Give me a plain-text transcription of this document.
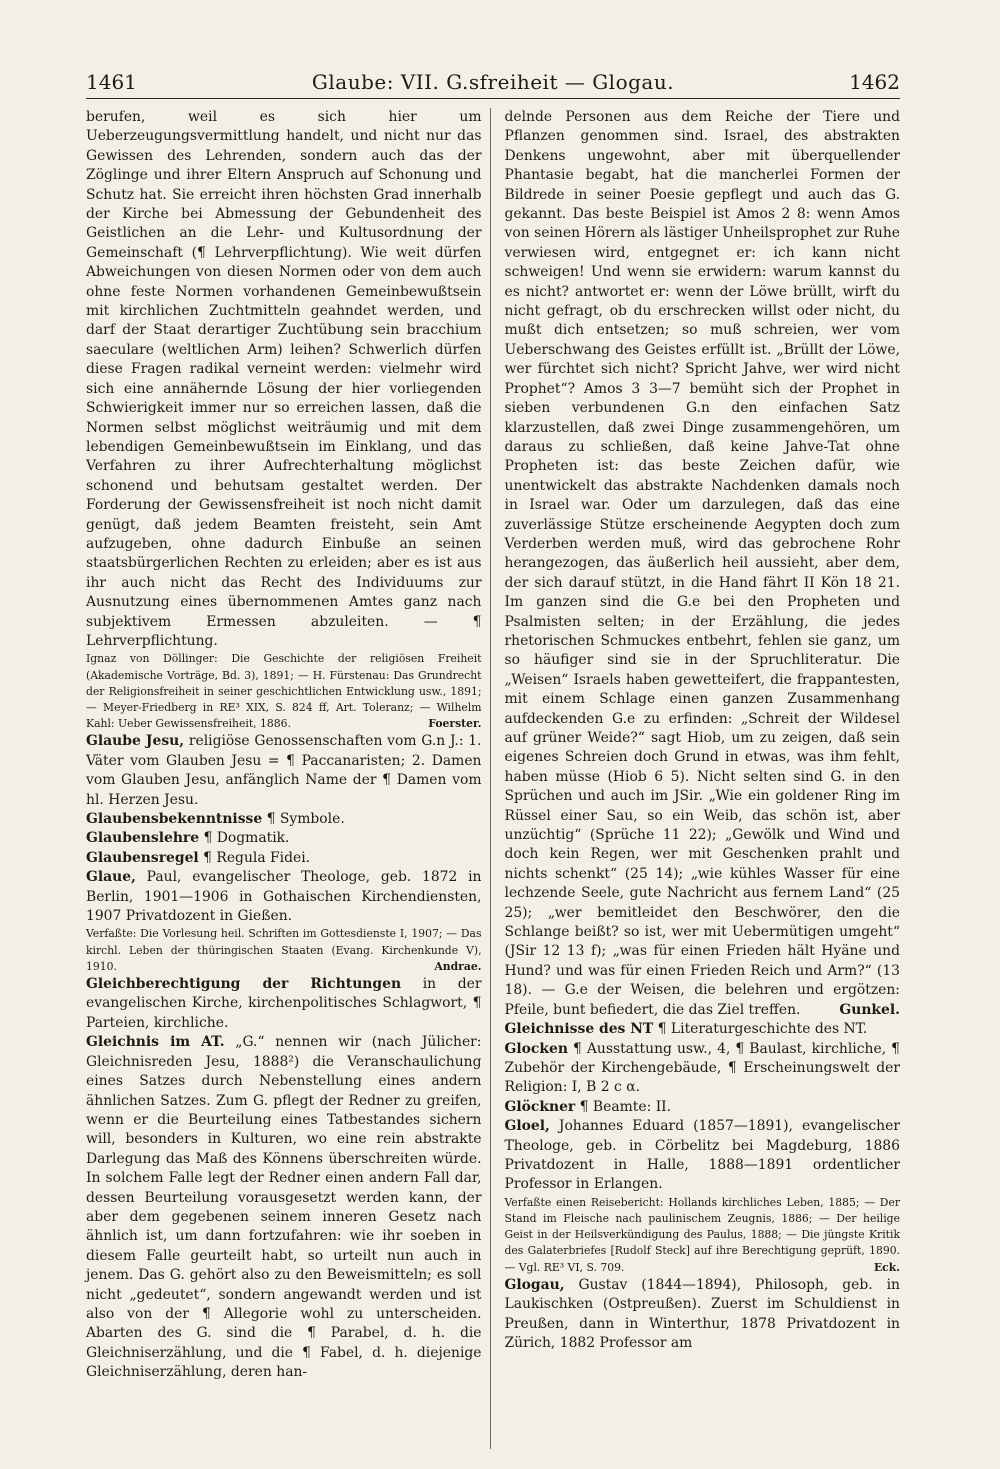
1461	Glaube: VII. G.sfreiheit — Glogau.	1462

berufen, weil es sich hier um Ueberzeugungsvermittlung handelt, und nicht nur das Gewissen des Lehrenden, sondern auch das der Zöglinge und ihrer Eltern Anspruch auf Schonung und Schutz hat. Sie erreicht ihren höchsten Grad innerhalb der Kirche bei Abmessung der Gebundenheit des Geistlichen an die Lehr- und Kultusordnung der Gemeinschaft (¶ Lehrverpflichtung). Wie weit dürfen Abweichungen von diesen Normen oder von dem auch ohne feste Normen vorhandenen Gemeinbewußtsein mit kirchlichen Zuchtmitteln geahndet werden, und darf der Staat derartiger Zuchtübung sein bracchium saeculare (weltlichen Arm) leihen? Schwerlich dürfen diese Fragen radikal verneint werden: vielmehr wird sich eine annähernde Lösung der hier vorliegenden Schwierigkeit immer nur so erreichen lassen, daß die Normen selbst möglichst weiträumig und mit dem lebendigen Gemeinbewußtsein im Einklang, und das Verfahren zu ihrer Aufrechterhaltung möglichst schonend und behutsam gestaltet werden. Der Forderung der Gewissensfreiheit ist noch nicht damit genügt, daß jedem Beamten freisteht, sein Amt aufzugeben, ohne dadurch Einbuße an seinen staatsbürgerlichen Rechten zu erleiden; aber es ist aus ihr auch nicht das Recht des Individuums zur Ausnutzung eines übernommenen Amtes ganz nach subjektivem Ermessen abzuleiten. — ¶ Lehrverpflichtung.

Ignaz von Döllinger: Die Geschichte der religiösen Freiheit (Akademische Vorträge, Bd. 3), 1891; — H. Fürstenau: Das Grundrecht der Religionsfreiheit in seiner geschichtlichen Entwicklung usw., 1891; — Meyer-Friedberg in RE³ XIX, S. 824 ff, Art. Toleranz; — Wilhelm Kahl: Ueber Gewissensfreiheit, 1886.	Foerster.

Glaube Jesu, religiöse Genossenschaften vom G.n J.: 1. Väter vom Glauben Jesu = ¶ Paccanaristen; 2. Damen vom Glauben Jesu, anfänglich Name der ¶ Damen vom hl. Herzen Jesu.

Glaubensbekenntnisse ¶ Symbole.

Glaubenslehre ¶ Dogmatik.

Glaubensregel ¶ Regula Fidei.

Glaue, Paul, evangelischer Theologe, geb. 1872 in Berlin, 1901—1906 in Gothaischen Kirchendiensten, 1907 Privatdozent in Gießen.

Verfaßte: Die Vorlesung heil. Schriften im Gottesdienste I, 1907; — Das kirchl. Leben der thüringischen Staaten (Evang. Kirchenkunde V), 1910.	Andrae.

Gleichberechtigung der Richtungen in der evangelischen Kirche, kirchenpolitisches Schlagwort, ¶ Parteien, kirchliche.

Gleichnis im AT. „G.“ nennen wir (nach Jülicher: Gleichnisreden Jesu, 1888²) die Veranschaulichung eines Satzes durch Nebenstellung eines andern ähnlichen Satzes. Zum G. pflegt der Redner zu greifen, wenn er die Beurteilung eines Tatbestandes sichern will, besonders in Kulturen, wo eine rein abstrakte Darlegung das Maß des Könnens überschreiten würde. In solchem Falle legt der Redner einen andern Fall dar, dessen Beurteilung vorausgesetzt werden kann, der aber dem gegebenen seinem inneren Gesetz nach ähnlich ist, um dann fortzufahren: wie ihr soeben in diesem Falle geurteilt habt, so urteilt nun auch in jenem. Das G. gehört also zu den Beweismitteln; es soll nicht „gedeutet“, sondern angewandt werden und ist also von der ¶ Allegorie wohl zu unterscheiden. Abarten des G. sind die ¶ Parabel, d. h. die Gleichniserzählung, und die ¶ Fabel, d. h. diejenige Gleichniserzählung, deren han-

delnde Personen aus dem Reiche der Tiere und Pflanzen genommen sind. Israel, des abstrakten Denkens ungewohnt, aber mit überquellender Phantasie begabt, hat die mancherlei Formen der Bildrede in seiner Poesie gepflegt und auch das G. gekannt. Das beste Beispiel ist Amos 2 8: wenn Amos von seinen Hörern als lästiger Unheilsprophet zur Ruhe verwiesen wird, entgegnet er: ich kann nicht schweigen! Und wenn sie erwidern: warum kannst du es nicht? antwortet er: wenn der Löwe brüllt, wirft du nicht gefragt, ob du erschrecken willst oder nicht, du mußt dich entsetzen; so muß schreien, wer vom Ueberschwang des Geistes erfüllt ist. „Brüllt der Löwe, wer fürchtet sich nicht? Spricht Jahve, wer wird nicht Prophet“? Amos 3 3—7 bemüht sich der Prophet in sieben verbundenen G.n den einfachen Satz klarzustellen, daß zwei Dinge zusammengehören, um daraus zu schließen, daß keine Jahve-Tat ohne Propheten ist: das beste Zeichen dafür, wie unentwickelt das abstrakte Nachdenken damals noch in Israel war. Oder um darzulegen, daß das eine zuverlässige Stütze erscheinende Aegypten doch zum Verderben werden muß, wird das gebrochene Rohr herangezogen, das äußerlich heil aussieht, aber dem, der sich darauf stützt, in die Hand fährt II Kön 18 21. Im ganzen sind die G.e bei den Propheten und Psalmisten selten; in der Erzählung, die jedes rhetorischen Schmuckes entbehrt, fehlen sie ganz, um so häufiger sind sie in der Spruchliteratur. Die „Weisen“ Israels haben gewetteifert, die frappantesten, mit einem Schlage einen ganzen Zusammenhang aufdeckenden G.e zu erfinden: „Schreit der Wildesel auf grüner Weide?“ sagt Hiob, um zu zeigen, daß sein eigenes Schreien doch Grund in etwas, was ihm fehlt, haben müsse (Hiob 6 5). Nicht selten sind G. in den Sprüchen und auch im JSir. „Wie ein goldener Ring im Rüssel einer Sau, so ein Weib, das schön ist, aber unzüchtig“ (Sprüche 11 22); „Gewölk und Wind und doch kein Regen, wer mit Geschenken prahlt und nichts schenkt“ (25 14); „wie kühles Wasser für eine lechzende Seele, gute Nachricht aus fernem Land“ (25 25); „wer bemitleidet den Beschwörer, den die Schlange beißt? so ist, wer mit Uebermütigen umgeht“ (JSir 12 13 f); „was für einen Frieden hält Hyäne und Hund? und was für einen Frieden Reich und Arm?“ (13 18). — G.e der Weisen, die belehren und ergötzen: Pfeile, bunt befiedert, die das Ziel treffen.	Gunkel.

Gleichnisse des NT ¶ Literaturgeschichte des NT.

Glocken ¶ Ausstattung usw., 4, ¶ Baulast, kirchliche, ¶ Zubehör der Kirchengebäude, ¶ Erscheinungswelt der Religion: I, B 2 c α.

Glöckner ¶ Beamte: II.

Gloel, Johannes Eduard (1857—1891), evangelischer Theologe, geb. in Cörbelitz bei Magdeburg, 1886 Privatdozent in Halle, 1888—1891 ordentlicher Professor in Erlangen.

Verfaßte einen Reisebericht: Hollands kirchliches Leben, 1885; — Der Stand im Fleische nach paulinischem Zeugnis, 1886; — Der heilige Geist in der Heilsverkündigung des Paulus, 1888; — Die jüngste Kritik des Galaterbriefes [Rudolf Steck] auf ihre Berechtigung geprüft, 1890. — Vgl. RE³ VI, S. 709.	Eck.

Glogau, Gustav (1844—1894), Philosoph, geb. in Laukischken (Ostpreußen). Zuerst im Schuldienst in Preußen, dann in Winterthur, 1878 Privatdozent in Zürich, 1882 Professor am
